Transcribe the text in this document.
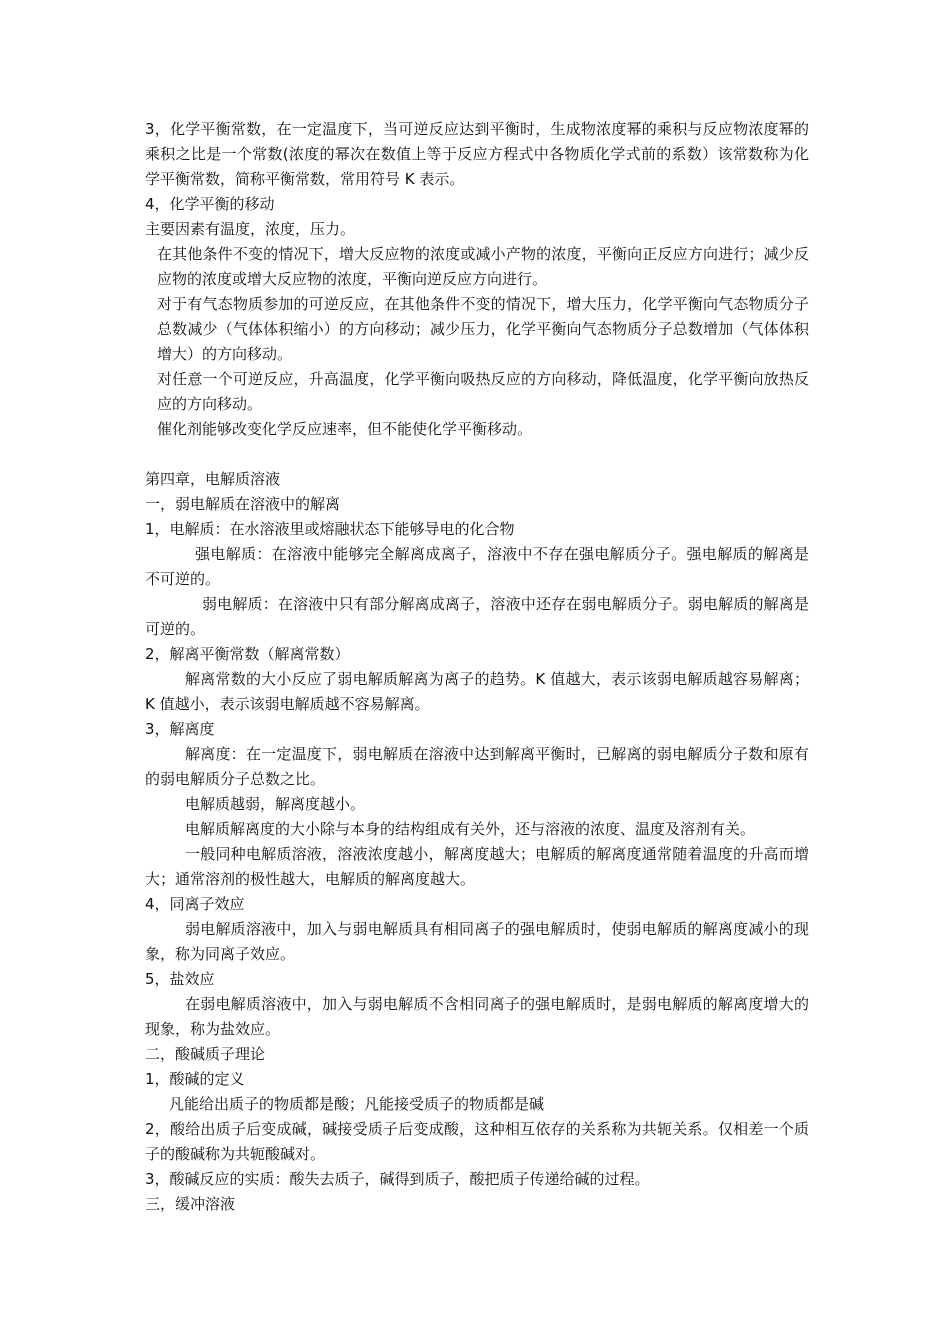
3，化学平衡常数，在一定温度下，当可逆反应达到平衡时，生成物浓度幂的乘积与反应物浓度幂的乘积之比是一个常数(浓度的幂次在数值上等于反应方程式中各物质化学式前的系数）该常数称为化学平衡常数，简称平衡常数，常用符号 K 表示。
4，化学平衡的移动
主要因素有温度，浓度，压力。
在其他条件不变的情况下，增大反应物的浓度或减小产物的浓度，平衡向正反应方向进行；减少反应物的浓度或增大反应物的浓度，平衡向逆反应方向进行。
对于有气态物质参加的可逆反应，在其他条件不变的情况下，增大压力，化学平衡向气态物质分子总数减少（气体体积缩小）的方向移动；减少压力，化学平衡向气态物质分子总数增加（气体体积增大）的方向移动。
对任意一个可逆反应，升高温度，化学平衡向吸热反应的方向移动，降低温度，化学平衡向放热反应的方向移动。
催化剂能够改变化学反应速率，但不能使化学平衡移动。
第四章，电解质溶液
一，弱电解质在溶液中的解离
1，电解质：在水溶液里或熔融状态下能够导电的化合物
强电解质：在溶液中能够完全解离成离子，溶液中不存在强电解质分子。强电解质的解离是不可逆的。
弱电解质：在溶液中只有部分解离成离子，溶液中还存在弱电解质分子。弱电解质的解离是可逆的。
2，解离平衡常数（解离常数）
解离常数的大小反应了弱电解质解离为离子的趋势。K 值越大，表示该弱电解质越容易解离；K 值越小，表示该弱电解质越不容易解离。
3，解离度
解离度：在一定温度下，弱电解质在溶液中达到解离平衡时，已解离的弱电解质分子数和原有的弱电解质分子总数之比。
电解质越弱，解离度越小。
电解质解离度的大小除与本身的结构组成有关外，还与溶液的浓度、温度及溶剂有关。
一般同种电解质溶液，溶液浓度越小，解离度越大；电解质的解离度通常随着温度的升高而增大；通常溶剂的极性越大，电解质的解离度越大。
4，同离子效应
弱电解质溶液中，加入与弱电解质具有相同离子的强电解质时，使弱电解质的解离度减小的现象，称为同离子效应。
5，盐效应
在弱电解质溶液中，加入与弱电解质不含相同离子的强电解质时，是弱电解质的解离度增大的现象，称为盐效应。
二，酸碱质子理论
1，酸碱的定义
凡能给出质子的物质都是酸；凡能接受质子的物质都是碱
2，酸给出质子后变成碱，碱接受质子后变成酸，这种相互依存的关系称为共轭关系。仅相差一个质子的酸碱称为共轭酸碱对。
3，酸碱反应的实质：酸失去质子，碱得到质子，酸把质子传递给碱的过程。
三，缓冲溶液
